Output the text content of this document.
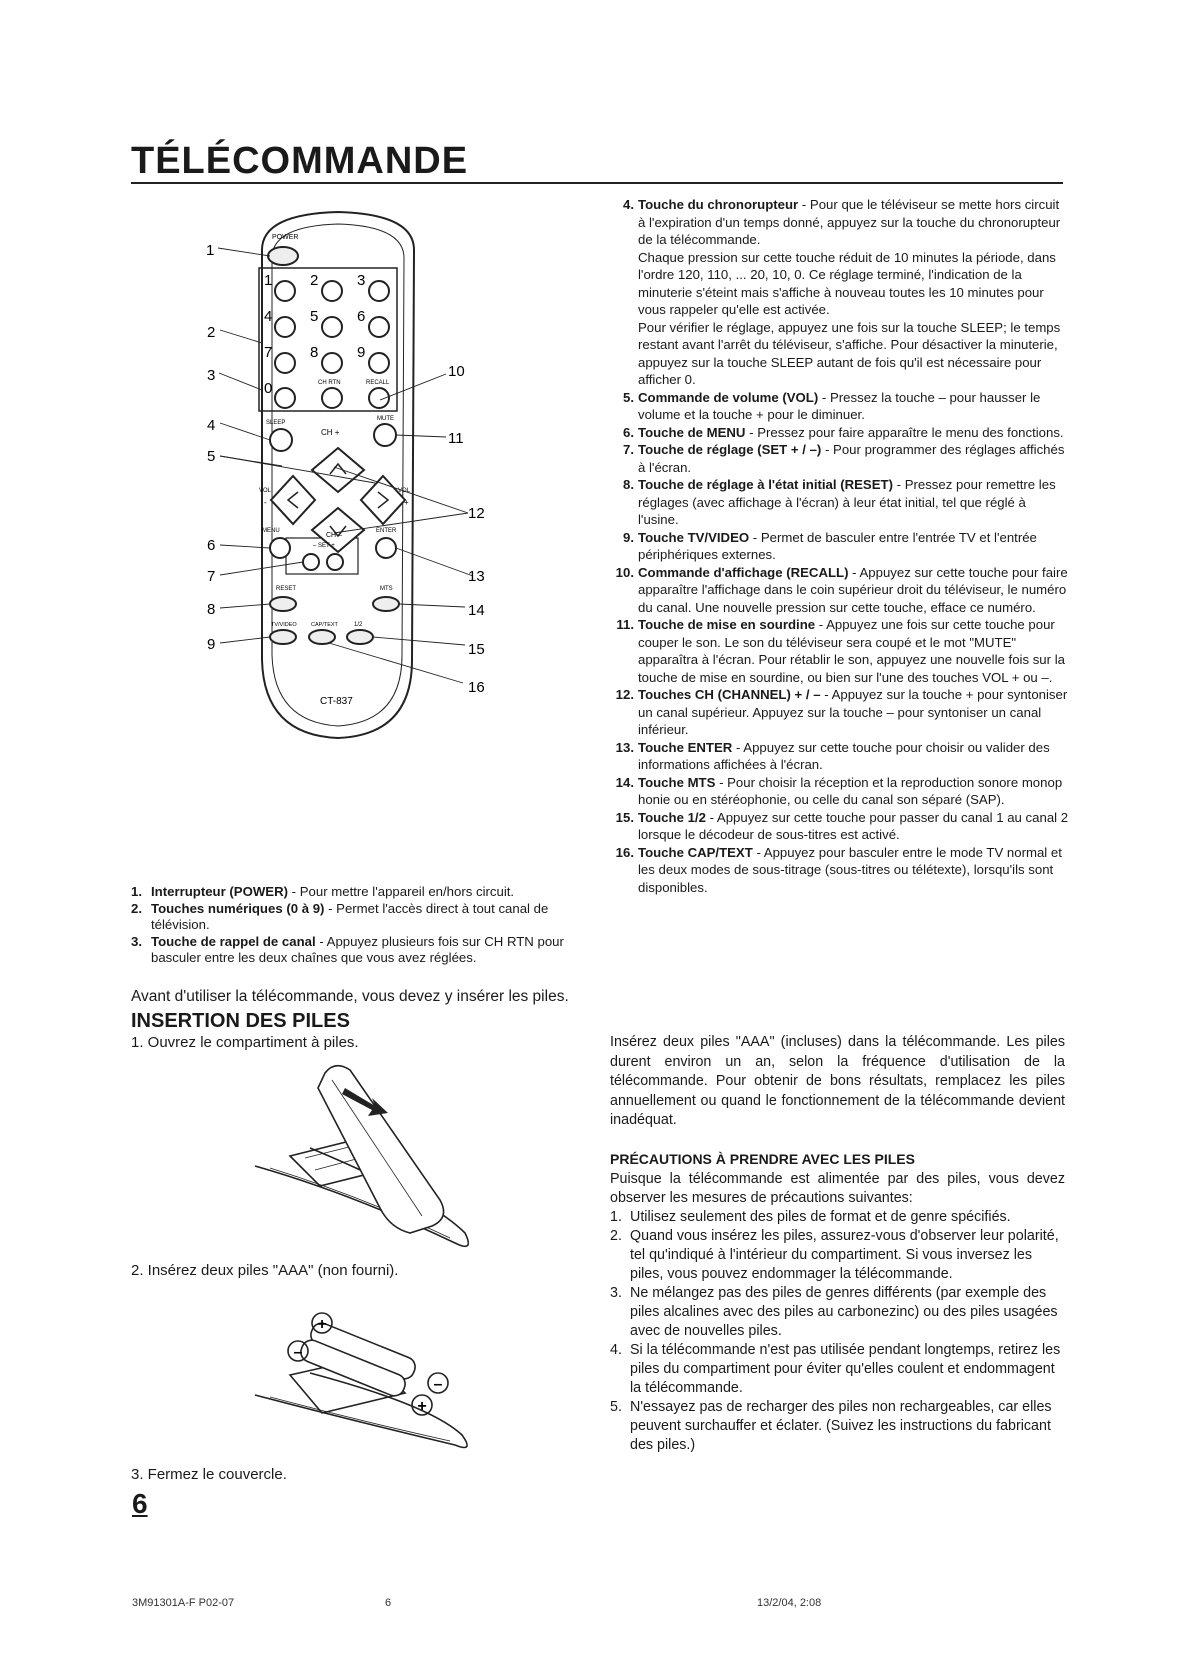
TÉLÉCOMMANDE
POWER
1	2	3
4	5	6
7	8	9
0	CH RTN	RECALL
SLEEP
MUTE
CH +
VOL
-
VOL
+
MENU	ENTER
CH –
– SET +
RESET	MTS
TV/VIDEO	CAP/TEXT	1/2
CT-837
1
2
3
4
5
6
7
8
9
10
11
12
13
14
15
16
4. Touche du chronorupteur - Pour que le téléviseur se mette hors circuit à l'expiration d'un temps donné, appuyez sur la touche du chronorupteur de la télécommande.
Chaque pression sur cette touche réduit de 10 minutes la période, dans l'ordre 120, 110, ... 20, 10, 0. Ce réglage terminé, l'indication de la minuterie s'éteint mais s'affiche à nouveau toutes les 10 minutes pour vous rappeler qu'elle est activée.
Pour vérifier le réglage, appuyez une fois sur la touche SLEEP; le temps restant avant l'arrêt du téléviseur, s'affiche. Pour désactiver la minuterie, appuyez sur la touche SLEEP autant de fois qu'il est nécessaire pour afficher 0.
5. Commande de volume (VOL) - Pressez la touche – pour hausser le volume et la touche + pour le diminuer.
6. Touche de MENU - Pressez pour faire apparaître le menu des fonctions.
7. Touche de réglage (SET + / –) - Pour programmer des réglages affichés à l'écran.
8. Touche de réglage à l'état initial (RESET) - Pressez pour remettre les réglages (avec affichage à l'écran) à leur état initial, tel que réglé à l'usine.
9. Touche TV/VIDEO - Permet de basculer entre l'entrée TV et l'entrée périphériques externes.
10. Commande d'affichage (RECALL) - Appuyez sur cette touche pour faire apparaître l'affichage dans le coin supérieur droit du téléviseur, le numéro du canal. Une nouvelle pression sur cette touche, efface ce numéro.
11. Touche de mise en sourdine - Appuyez une fois sur cette touche pour couper le son. Le son du téléviseur sera coupé et le mot "MUTE" apparaîtra à l'écran. Pour rétablir le son, appuyez une nouvelle fois sur la touche de mise en sourdine, ou bien sur l'une des touches VOL + ou –.
12. Touches CH (CHANNEL) + / – - Appuyez sur la touche + pour syntoniser un canal supérieur. Appuyez sur la touche – pour syntoniser un canal inférieur.
13. Touche ENTER - Appuyez sur cette touche pour choisir ou valider des informations affichées à l'écran.
14. Touche MTS - Pour choisir la réception et la reproduction sonore monop honie ou en stéréophonie, ou celle du canal son séparé (SAP).
15. Touche 1/2 - Appuyez sur cette touche pour passer du canal 1 au canal 2 lorsque le décodeur de sous-titres est activé.
16. Touche CAP/TEXT - Appuyez pour basculer entre le mode TV normal et les deux modes de sous-titrage (sous-titres ou télétexte), lorsqu'ils sont disponibles.
1. Interrupteur (POWER) - Pour mettre l'appareil en/hors circuit.
2. Touches numériques (0 à 9) - Permet l'accès direct à tout canal de télévision.
3. Touche de rappel de canal - Appuyez plusieurs fois sur CH RTN pour basculer entre les deux chaînes que vous avez réglées.
Avant d'utiliser la télécommande, vous devez y insérer les piles.
INSERTION DES PILES
1. Ouvrez le compartiment à piles.
2. Insérez deux piles "AAA" (non fourni).
+
–
–
+
3. Fermez le couvercle.
6
Insérez deux piles "AAA" (incluses) dans la télécommande. Les piles durent environ un an, selon la fréquence d'utilisation de la télécommande. Pour obtenir de bons résultats, remplacez les piles annuellement ou quand le fonctionnement de la télécommande devient inadéquat.
PRÉCAUTIONS À PRENDRE AVEC LES PILES
Puisque la télécommande est alimentée par des piles, vous devez observer les mesures de précautions suivantes:
1. Utilisez seulement des piles de format et de genre spécifiés.
2. Quand vous insérez les piles, assurez-vous d'observer leur polarité, tel qu'indiqué à l'intérieur du compartiment. Si vous inversez les piles, vous pouvez endommager la télécommande.
3. Ne mélangez pas des piles de genres différents (par exemple des piles alcalines avec des piles au carbonezinc) ou des piles usagées avec de nouvelles piles.
4. Si la télécommande n'est pas utilisée pendant longtemps, retirez les piles du compartiment pour éviter qu'elles coulent et endommagent la télécommande.
5. N'essayez pas de recharger des piles non rechargeables, car elles peuvent surchauffer et éclater. (Suivez les instructions du fabricant des piles.)
3M91301A-F P02-07	6	13/2/04, 2:08
